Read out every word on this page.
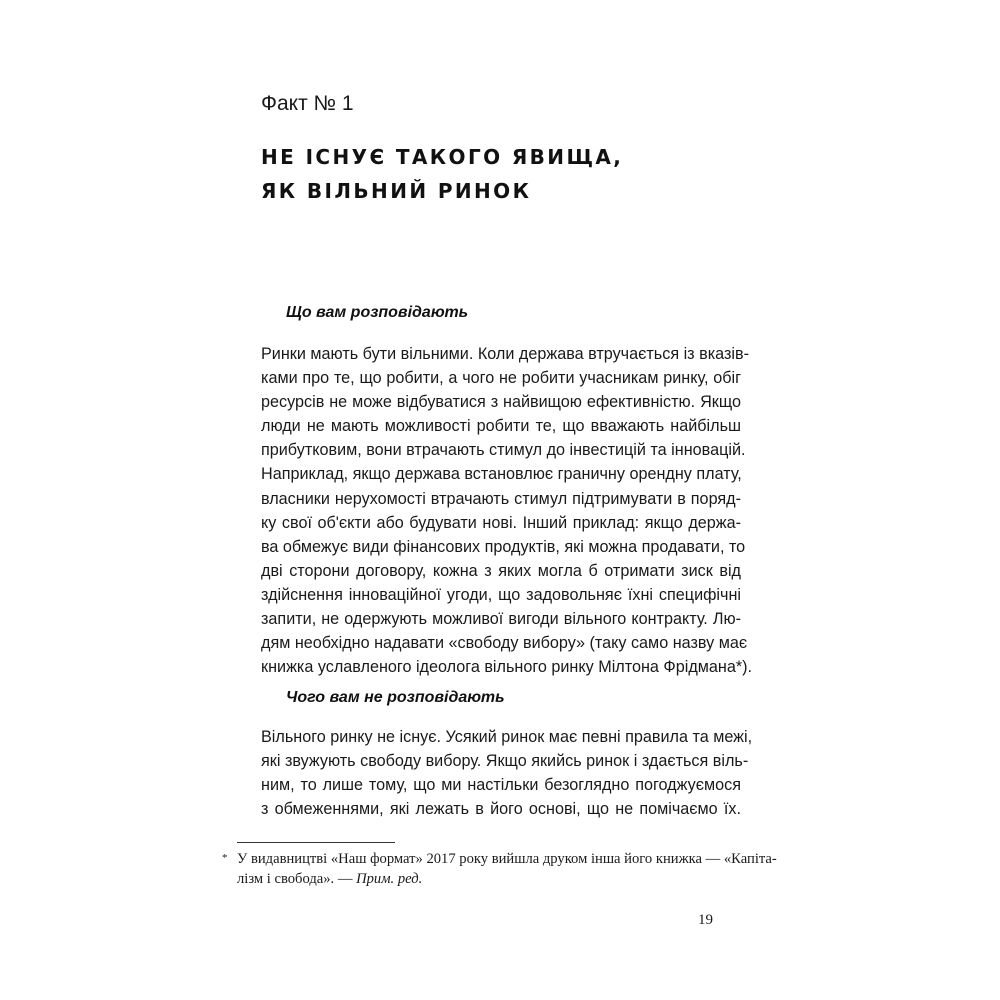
Факт № 1
НЕ ІСНУЄ ТАКОГО ЯВИЩА,
ЯК ВІЛЬНИЙ РИНОК
Що вам розповідають
Ринки мають бути вільними. Коли держава втручається із вказів-
ками про те, що робити, а чого не робити учасникам ринку, обіг
ресурсів не може відбуватися з найвищою ефективністю. Якщо
люди не мають можливості робити те, що вважають найбільш
прибутковим, вони втрачають стимул до інвестицій та інновацій.
Наприклад, якщо держава встановлює граничну орендну плату,
власники нерухомості втрачають стимул підтримувати в поряд-
ку свої об'єкти або будувати нові. Інший приклад: якщо держа-
ва обмежує види фінансових продуктів, які можна продавати, то
дві сторони договору, кожна з яких могла б отримати зиск від
здійснення інноваційної угоди, що задовольняє їхні специфічні
запити, не одержують можливої вигоди вільного контракту. Лю-
дям необхідно надавати «свободу вибору» (таку само назву має
книжка уславленого ідеолога вільного ринку Мілтона Фрідмана*).
Чого вам не розповідають
Вільного ринку не існує. Усякий ринок має певні правила та межі,
які звужують свободу вибору. Якщо якийсь ринок і здається віль-
ним, то лише тому, що ми настільки безоглядно погоджуємося
з обмеженнями, які лежать в його основі, що не помічаємо їх.
* У видавництві «Наш формат» 2017 року вийшла друком інша його книжка — «Капіта-
лізм і свобода». — Прим. ред.
19
